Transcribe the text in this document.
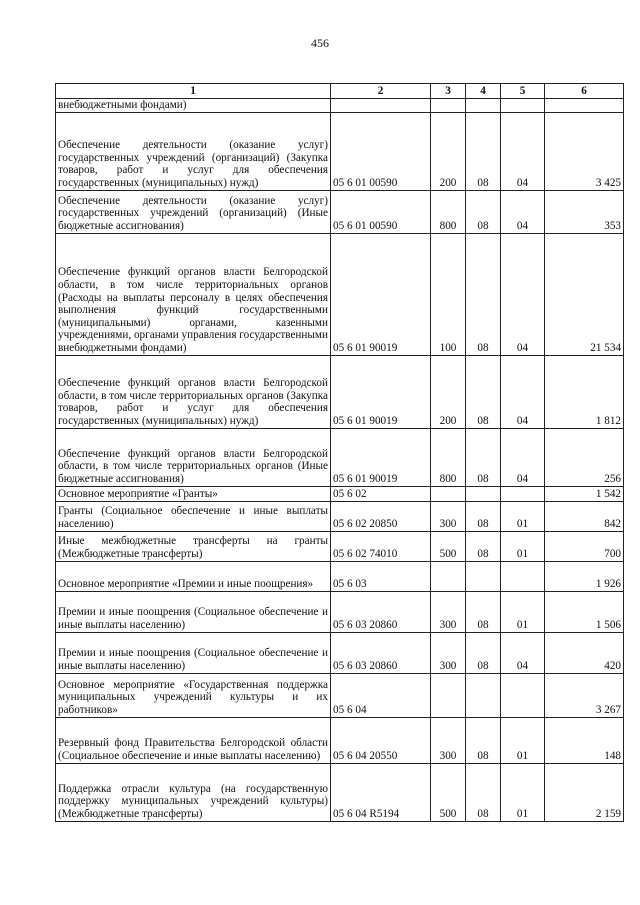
456
1	2	3	4	5	6
внебюджетными фондами)					
Обеспечение деятельности (оказание услуг) государственных учреждений (организаций) (Закупка товаров, работ и услуг для обеспечения государственных (муниципальных) нужд)	05 6 01 00590	200	08	04	3 425
Обеспечение деятельности (оказание услуг) государственных учреждений (организаций) (Иные бюджетные ассигнования)	05 6 01 00590	800	08	04	353
Обеспечение функций органов власти Белгородской области, в том числе территориальных органов (Расходы на выплаты персоналу в целях обеспечения выполнения функций государственными (муниципальными) органами, казенными учреждениями, органами управления государственными внебюджетными фондами)	05 6 01 90019	100	08	04	21 534
Обеспечение функций органов власти Белгородской области, в том числе территориальных органов (Закупка товаров, работ и услуг для обеспечения государственных (муниципальных) нужд)	05 6 01 90019	200	08	04	1 812
Обеспечение функций органов власти Белгородской области, в том числе территориальных органов (Иные бюджетные ассигнования)	05 6 01 90019	800	08	04	256
Основное мероприятие «Гранты»	05 6 02				1 542
Гранты (Социальное обеспечение и иные выплаты населению)	05 6 02 20850	300	08	01	842
Иные межбюджетные трансферты на гранты (Межбюджетные трансферты)	05 6 02 74010	500	08	01	700
Основное мероприятие «Премии и иные поощрения»	05 6 03				1 926
Премии и иные поощрения (Социальное обеспечение и иные выплаты населению)	05 6 03 20860	300	08	01	1 506
Премии и иные поощрения (Социальное обеспечение и иные выплаты населению)	05 6 03 20860	300	08	04	420
Основное мероприятие «Государственная поддержка муниципальных учреждений культуры и их работников»	05 6 04				3 267
Резервный фонд Правительства Белгородской области (Социальное обеспечение и иные выплаты населению)	05 6 04 20550	300	08	01	148
Поддержка отрасли культура (на государственную поддержку муниципальных учреждений культуры) (Межбюджетные трансферты)	05 6 04 R5194	500	08	01	2 159
